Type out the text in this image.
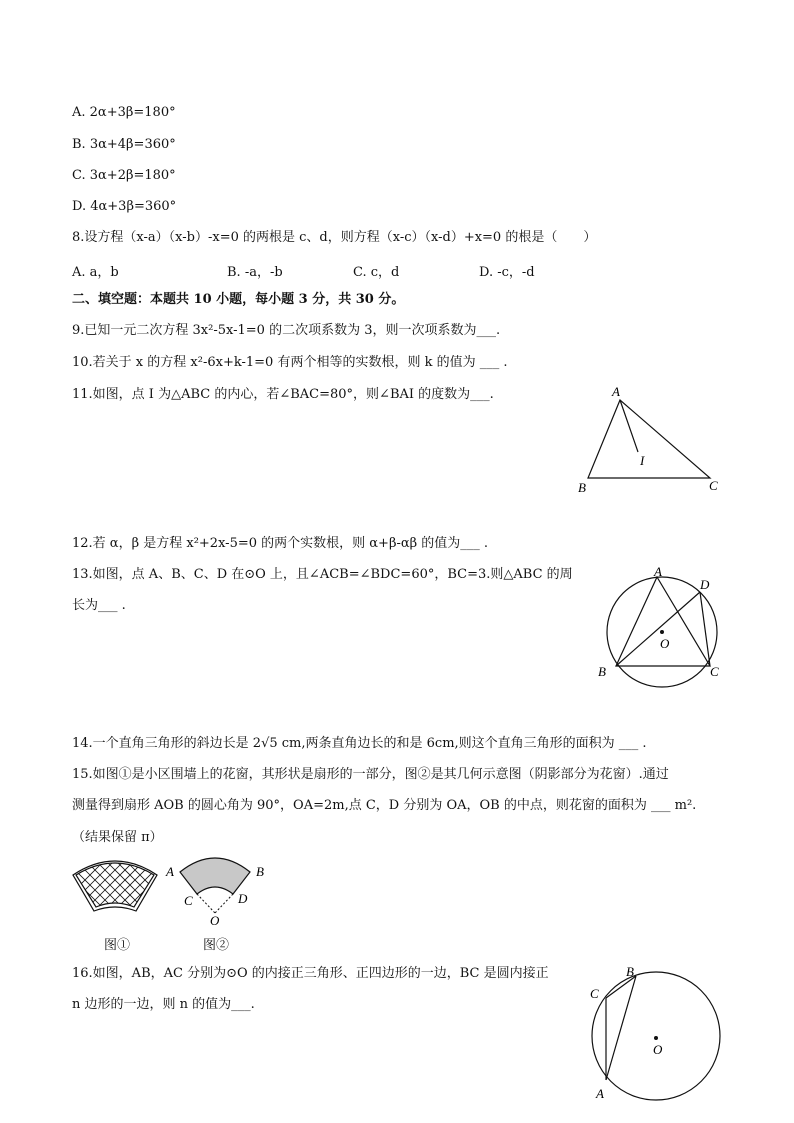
A. 2α+3β=180°
B. 3α+4β=360°
C. 3α+2β=180°
D. 4α+3β=360°
8.设方程（x-a）（x-b）-x=0 的两根是 c、d，则方程（x-c）（x-d）+x=0 的根是（　　）
A. a，b	B. -a，-b	C. c，d	D. -c，-d
二、填空题：本题共 10 小题，每小题 3 分，共 30 分。
9.已知一元二次方程 3x²-5x-1=0 的二次项系数为 3，则一次项系数为___.
10.若关于 x 的方程 x²-6x+k-1=0 有两个相等的实数根，则 k 的值为 ___ .
11.如图，点 I 为△ABC 的内心，若∠BAC=80°，则∠BAI 的度数为___.	A
B	C
I
12.若 α，β 是方程 x²+2x-5=0 的两个实数根，则 α+β-αβ 的值为___ .
13.如图，点 A、B、C、D 在⊙O 上，且∠ACB=∠BDC=60°，BC=3.则△ABC 的周
长为___ .
A
D
O
B	C
14.一个直角三角形的斜边长是 2√5 cm,两条直角边长的和是 6cm,则这个直角三角形的面积为 ___ .
15.如图①是小区围墙上的花窗，其形状是扇形的一部分，图②是其几何示意图（阴影部分为花窗）.通过
测量得到扇形 AOB 的圆心角为 90°，OA=2m,点 C，D 分别为 OA，OB 的中点，则花窗的面积为 ___ m².
（结果保留 π）
图①
A	B
C	D
O
图②
16.如图，AB，AC 分别为⊙O 的内接正三角形、正四边形的一边，BC 是圆内接正
n 边形的一边，则 n 的值为___.
B
C
O
A
